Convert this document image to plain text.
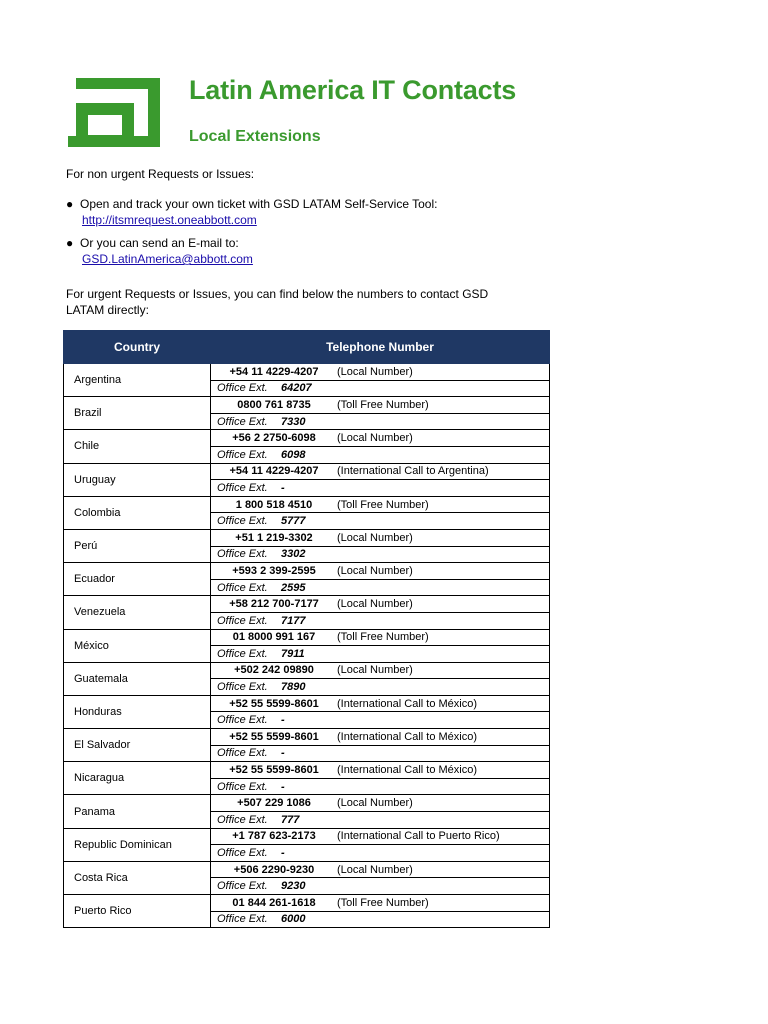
Latin America IT Contacts
Local Extensions
For non urgent Requests or Issues:
● Open and track your own ticket with GSD LATAM Self-Service Tool:
http://itsmrequest.oneabbott.com
● Or you can send an E-mail to:
GSD.LatinAmerica@abbott.com
For urgent Requests or Issues, you can find below the numbers to contact GSD LATAM directly:
Country	Telephone Number
Argentina	+54 11 4229-4207 (Local Number)
	Office Ext. 64207
Brazil	0800 761 8735 (Toll Free Number)
	Office Ext. 7330
Chile	+56 2 2750-6098 (Local Number)
	Office Ext. 6098
Uruguay	+54 11 4229-4207 (International Call to Argentina)
	Office Ext. -
Colombia	1 800 518 4510 (Toll Free Number)
	Office Ext. 5777
Perú	+51 1 219-3302 (Local Number)
	Office Ext. 3302
Ecuador	+593 2 399-2595 (Local Number)
	Office Ext. 2595
Venezuela	+58 212 700-7177 (Local Number)
	Office Ext. 7177
México	01 8000 991 167 (Toll Free Number)
	Office Ext. 7911
Guatemala	+502 242 09890 (Local Number)
	Office Ext. 7890
Honduras	+52 55 5599-8601 (International Call to México)
	Office Ext. -
El Salvador	+52 55 5599-8601 (International Call to México)
	Office Ext. -
Nicaragua	+52 55 5599-8601 (International Call to México)
	Office Ext. -
Panama	+507 229 1086 (Local Number)
	Office Ext. 777
Republic Dominican	+1 787 623-2173 (International Call to Puerto Rico)
	Office Ext. -
Costa Rica	+506 2290-9230 (Local Number)
	Office Ext. 9230
Puerto Rico	01 844 261-1618 (Toll Free Number)
	Office Ext. 6000
